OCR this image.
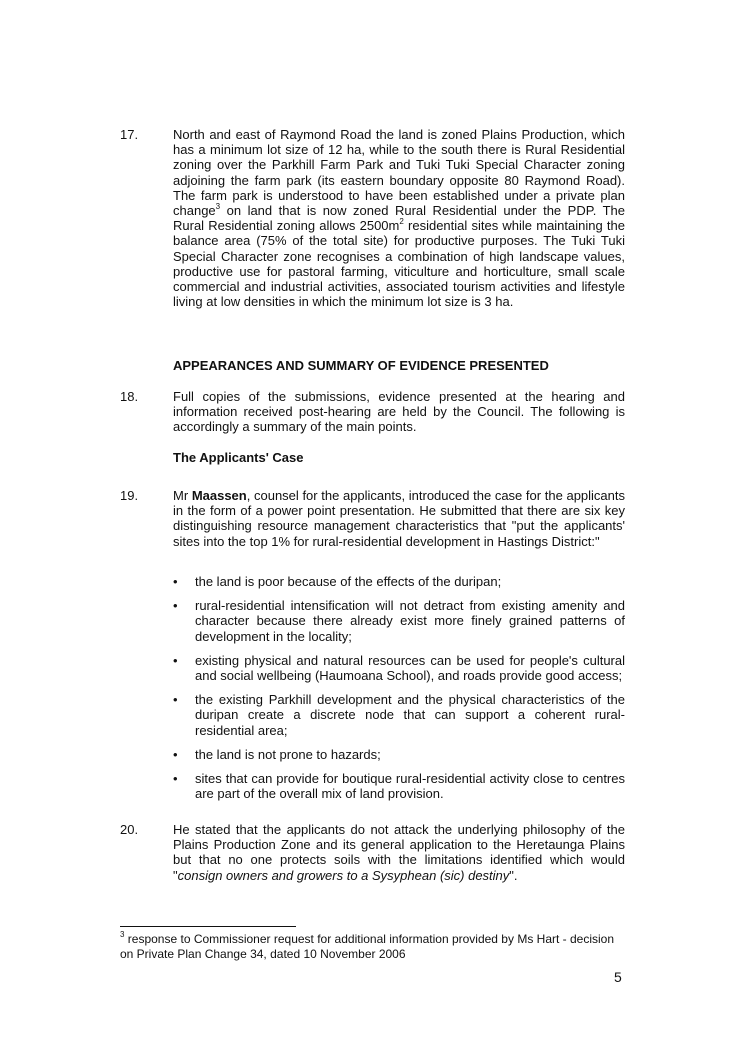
17.	North and east of Raymond Road the land is zoned Plains Production, which has a minimum lot size of 12 ha, while to the south there is Rural Residential zoning over the Parkhill Farm Park and Tuki Tuki Special Character zoning adjoining the farm park (its eastern boundary opposite 80 Raymond Road). The farm park is understood to have been established under a private plan change$^3$ on land that is now zoned Rural Residential under the PDP. The Rural Residential zoning allows $2500m^2$ residential sites while maintaining the balance area (75% of the total site) for productive purposes. The Tuki Tuki Special Character zone recognises a combination of high landscape values, productive use for pastoral farming, viticulture and horticulture, small scale commercial and industrial activities, associated tourism activities and lifestyle living at low densities in which the minimum lot size is 3 ha.
APPEARANCES AND SUMMARY OF EVIDENCE PRESENTED
18.	Full copies of the submissions, evidence presented at the hearing and information received post-hearing are held by the Council. The following is accordingly a summary of the main points.
The Applicants' Case
19.	Mr Maassen, counsel for the applicants, introduced the case for the applicants in the form of a power point presentation. He submitted that there are six key distinguishing resource management characteristics that "put the applicants' sites into the top 1% for rural-residential development in Hastings District:"
• the land is poor because of the effects of the duripan;
• rural-residential intensification will not detract from existing amenity and character because there already exist more finely grained patterns of development in the locality;
• existing physical and natural resources can be used for people's cultural and social wellbeing (Haumoana School), and roads provide good access;
• the existing Parkhill development and the physical characteristics of the duripan create a discrete node that can support a coherent rural-residential area;
• the land is not prone to hazards;
• sites that can provide for boutique rural-residential activity close to centres are part of the overall mix of land provision.
20.	He stated that the applicants do not attack the underlying philosophy of the Plains Production Zone and its general application to the Heretaunga Plains but that no one protects soils with the limitations identified which would "consign owners and growers to a Sysyphean (sic) destiny".
$^3$ response to Commissioner request for additional information provided by Ms Hart - decision on Private Plan Change 34, dated 10 November 2006
5
